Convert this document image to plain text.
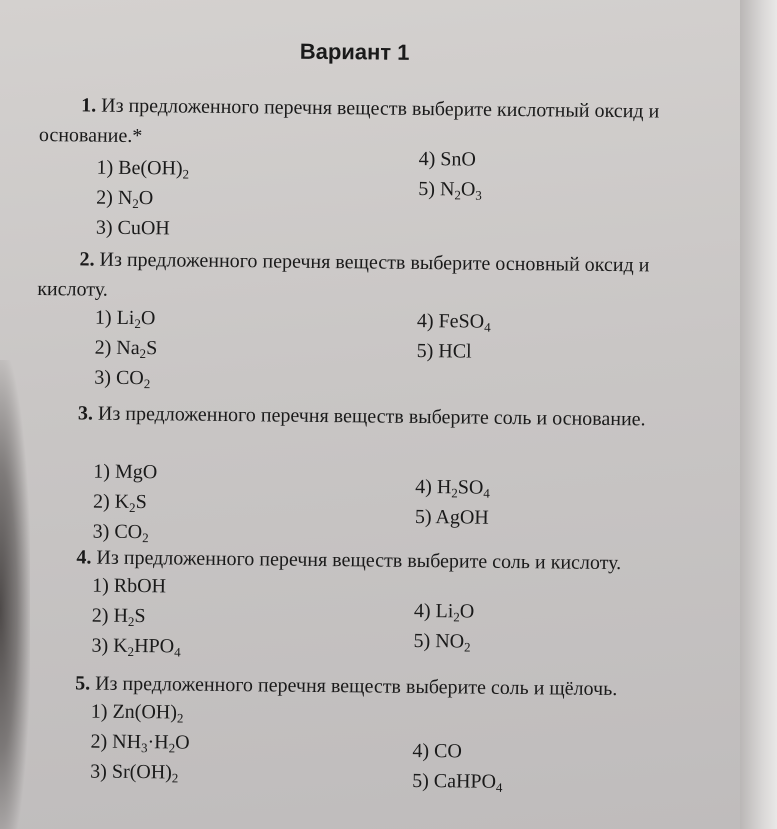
Вариант 1
1. Из предложенного перечня веществ выберите кислотный оксид и основание.*
1) $Be(OH)_2$
2) $N_2O$
3) CuOH
4) SnO
5) $N_2O_3$
2. Из предложенного перечня веществ выберите основный оксид и кислоту.
1) $Li_2O$
2) $Na_2S$
3) $CO_2$
4) FeSO$_4$
5) HCl
3. Из предложенного перечня веществ выберите соль и основание.
1) MgO
2) $K_2S$
3) $CO_2$
4) $H_2SO_4$
5) AgOH
4. Из предложенного перечня веществ выберите соль и кислоту.
1) RbOH
2) $H_2S$
3) $K_2HPO_4$
4) $Li_2O$
5) $NO_2$
5. Из предложенного перечня веществ выберите соль и щёлочь.
1) $Zn(OH)_2$
2) $NH_3\cdot H_2O$
3) $Sr(OH)_2$
4) CO
5) CaHPO$_4$
